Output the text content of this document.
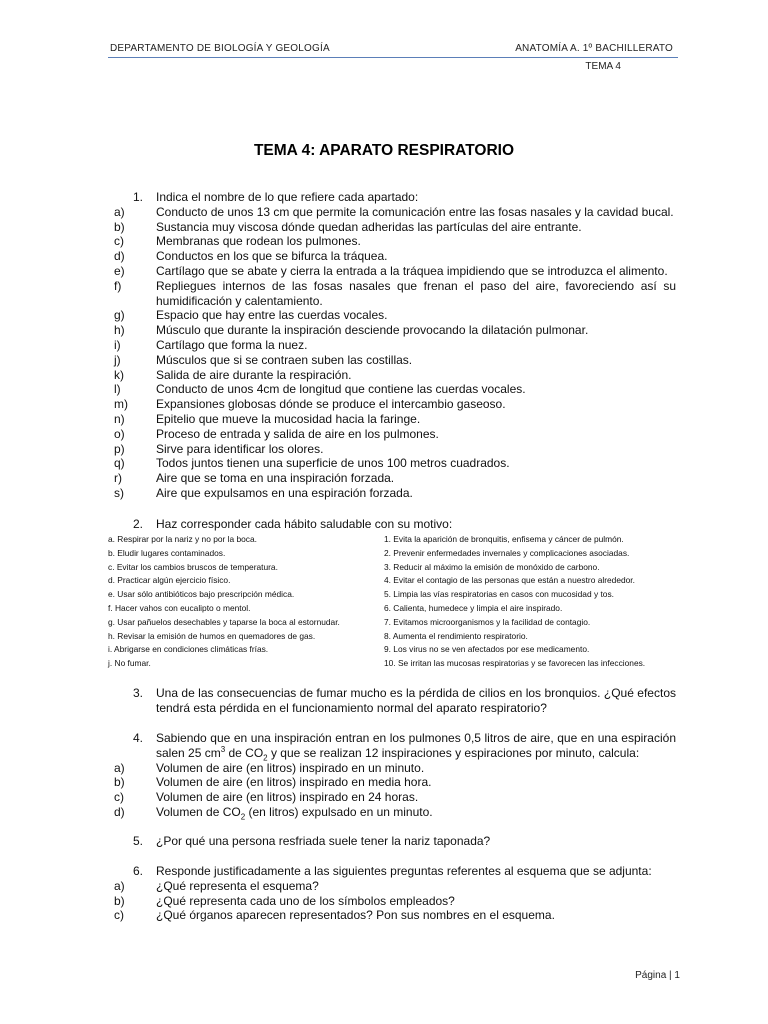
DEPARTAMENTO DE BIOLOGÍA Y GEOLOGÍA	ANATOMÍA A. 1º BACHILLERATO
TEMA 4
TEMA 4: APARATO RESPIRATORIO
1.	Indica el nombre de lo que refiere cada apartado:
a)	Conducto de unos 13 cm que permite la comunicación entre las fosas nasales y la cavidad bucal.
b)	Sustancia muy viscosa dónde quedan adheridas las partículas del aire entrante.
c)	Membranas que rodean los pulmones.
d)	Conductos en los que se bifurca la tráquea.
e)	Cartílago que se abate y cierra la entrada a la tráquea impidiendo que se introduzca el alimento.
f)	Repliegues internos de las fosas nasales que frenan el paso del aire, favoreciendo así su humidificación y calentamiento.
g)	Espacio que hay entre las cuerdas vocales.
h)	Músculo que durante la inspiración desciende provocando la dilatación pulmonar.
i)	Cartílago que forma la nuez.
j)	Músculos que si se contraen suben las costillas.
k)	Salida de aire durante la respiración.
l)	Conducto de unos 4cm de longitud que contiene las cuerdas vocales.
m)	Expansiones globosas dónde se produce el intercambio gaseoso.
n)	Epitelio que mueve la mucosidad hacia la faringe.
o)	Proceso de entrada y salida de aire en los pulmones.
p)	Sirve para identificar los olores.
q)	Todos juntos tienen una superficie de unos 100 metros cuadrados.
r)	Aire que se toma en una inspiración forzada.
s)	Aire que expulsamos en una espiración forzada.
2.	Haz corresponder cada hábito saludable con su motivo:
a. Respirar por la nariz y no por la boca.
b. Eludir lugares contaminados.
c. Evitar los cambios bruscos de temperatura.
d. Practicar algún ejercicio físico.
e. Usar sólo antibióticos bajo prescripción médica.
f. Hacer vahos con eucalipto o mentol.
g. Usar pañuelos desechables y taparse la boca al estornudar.
h. Revisar la emisión de humos en quemadores de gas.
i. Abrigarse en condiciones climáticas frías.
j. No fumar.
1. Evita la aparición de bronquitis, enfisema y cáncer de pulmón.
2. Prevenir enfermedades invernales y complicaciones asociadas.
3. Reducir al máximo la emisión de monóxido de carbono.
4. Evitar el contagio de las personas que están a nuestro alrededor.
5. Limpia las vías respiratorias en casos con mucosidad y tos.
6. Calienta, humedece y limpia el aire inspirado.
7. Evitamos microorganismos y la facilidad de contagio.
8. Aumenta el rendimiento respiratorio.
9. Los virus no se ven afectados por ese medicamento.
10. Se irritan las mucosas respiratorias y se favorecen las infecciones.
3.	Una de las consecuencias de fumar mucho es la pérdida de cilios en los bronquios. ¿Qué efectos tendrá esta pérdida en el funcionamiento normal del aparato respiratorio?
4.	Sabiendo que en una inspiración entran en los pulmones 0,5 litros de aire, que en una espiración salen 25 $cm^3$ de $CO_2$ y que se realizan 12 inspiraciones y espiraciones por minuto, calcula:
a)	Volumen de aire (en litros) inspirado en un minuto.
b)	Volumen de aire (en litros) inspirado en media hora.
c)	Volumen de aire (en litros) inspirado en 24 horas.
d)	Volumen de $CO_2$ (en litros) expulsado en un minuto.
5.	¿Por qué una persona resfriada suele tener la nariz taponada?
6.	Responde justificadamente a las siguientes preguntas referentes al esquema que se adjunta:
a)	¿Qué representa el esquema?
b)	¿Qué representa cada uno de los símbolos empleados?
c)	¿Qué órganos aparecen representados? Pon sus nombres en el esquema.
Página | 1
